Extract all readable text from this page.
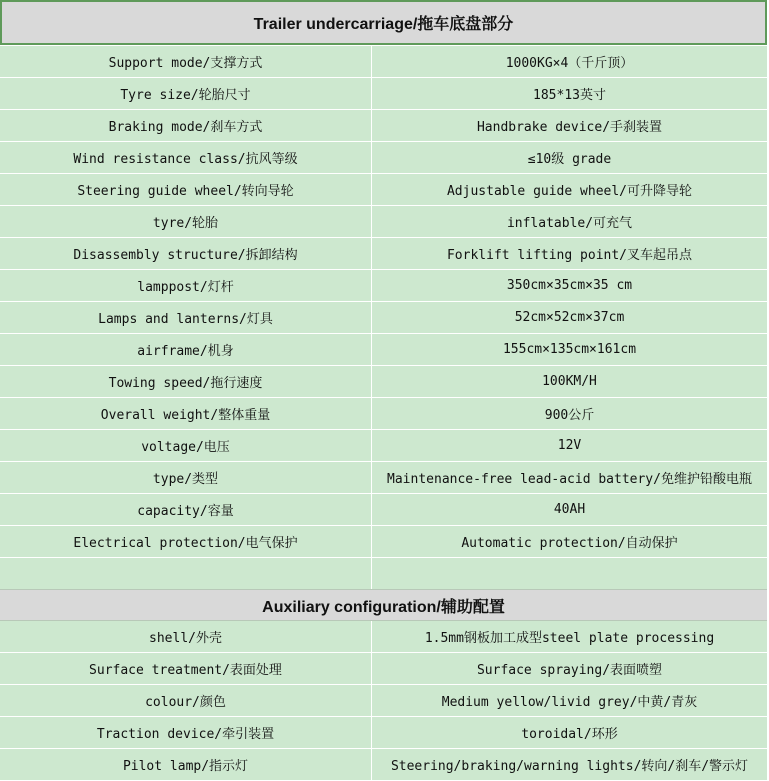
Trailer undercarriage/拖车底盘部分
Support mode/支撑方式	1000KG×4（千斤顶）
Tyre size/轮胎尺寸	185*13英寸
Braking mode/刹车方式	Handbrake device/手刹装置
Wind resistance class/抗风等级	≤10级 grade
Steering guide wheel/转向导轮	Adjustable guide wheel/可升降导轮
tyre/轮胎	inflatable/可充气
Disassembly structure/拆卸结构	Forklift lifting point/叉车起吊点
lamppost/灯杆	350cm×35cm×35 cm
Lamps and lanterns/灯具	52cm×52cm×37cm
airframe/机身	155cm×135cm×161cm
Towing speed/拖行速度	100KM/H
Overall weight/整体重量	900公斤
voltage/电压	12V
type/类型	Maintenance-free lead-acid battery/免维护铅酸电瓶
capacity/容量	40AH
Electrical protection/电气保护	Automatic protection/自动保护
Auxiliary configuration/辅助配置
shell/外壳	1.5mm钢板加工成型steel plate processing
Surface treatment/表面处理	Surface spraying/表面喷塑
colour/颜色	Medium yellow/livid grey/中黄/青灰
Traction device/牵引装置	toroidal/环形
Pilot lamp/指示灯	Steering/braking/warning lights/转向/刹车/警示灯
